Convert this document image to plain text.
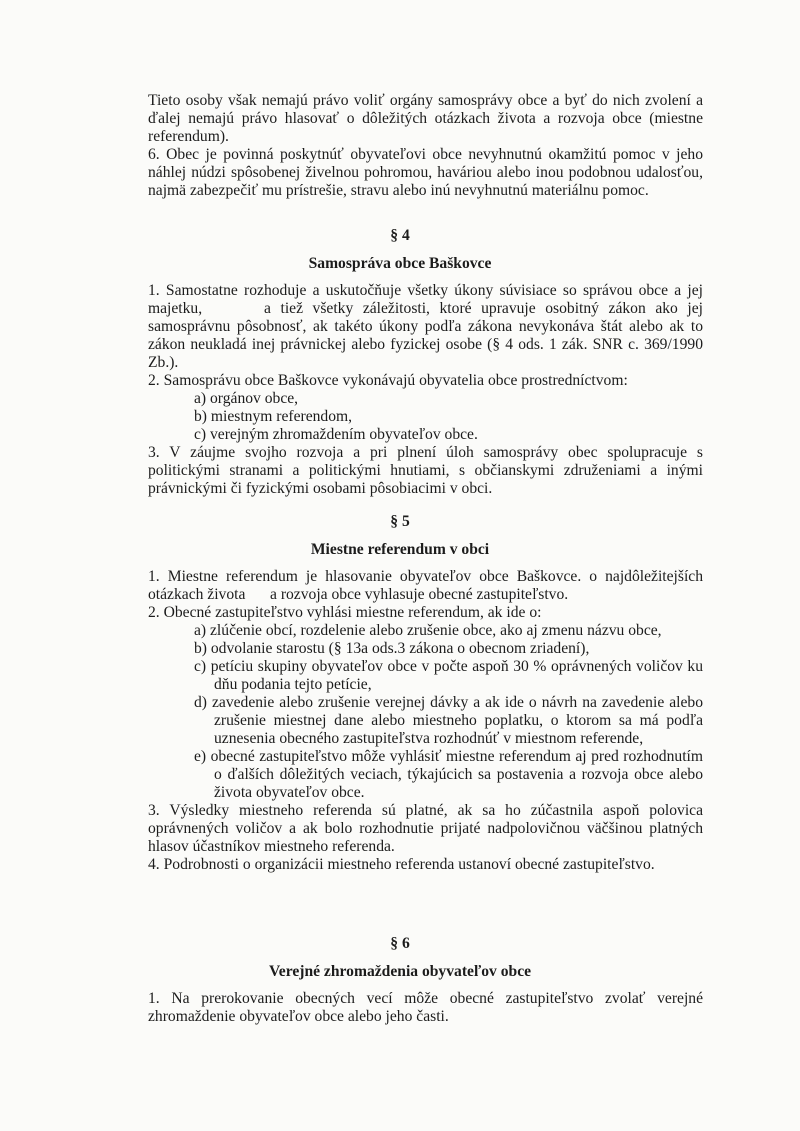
Tieto osoby však nemajú právo voliť orgány samosprávy obce a byť do nich zvolení a
ďalej nemajú právo hlasovať o dôležitých otázkach života a rozvoja obce (miestne
referendum).
6. Obec je povinná poskytnúť obyvateľovi obce nevyhnutnú okamžitú pomoc v jeho
náhlej núdzi spôsobenej živelnou pohromou, haváriou alebo inou podobnou udalosťou,
najmä zabezpečiť mu prístrešie, stravu alebo inú nevyhnutnú materiálnu pomoc.
§ 4
Samospráva obce Baškovce
1. Samostatne rozhoduje a uskutočňuje všetky úkony súvisiace so správou obce a jej
majetku,	a tiež všetky záležitosti, ktoré upravuje osobitný zákon ako jej
samosprávnu pôsobnosť, ak takéto úkony podľa zákona nevykonáva štát alebo ak to
zákon neukladá inej právnickej alebo fyzickej osobe (§ 4 ods. 1 zák. SNR c. 369/1990
Zb.).
2. Samosprávu obce Baškovce vykonávajú obyvatelia obce prostredníctvom:
a) orgánov obce,
b) miestnym referendom,
c) verejným zhromaždením obyvateľov obce.
3. V záujme svojho rozvoja a pri plnení úloh samosprávy obec spolupracuje s
politickými stranami a politickými hnutiami, s občianskymi združeniami a inými
právnickými či fyzickými osobami pôsobiacimi v obci.
§ 5
Miestne referendum v obci
1. Miestne referendum je hlasovanie obyvateľov obce Baškovce. o najdôležitejších
otázkach života a rozvoja obce vyhlasuje obecné zastupiteľstvo.
2. Obecné zastupiteľstvo vyhlási miestne referendum, ak ide o:
a) zlúčenie obcí, rozdelenie alebo zrušenie obce, ako aj zmenu názvu obce,
b) odvolanie starostu (§ 13a ods.3 zákona o obecnom zriadení),
c) petíciu skupiny obyvateľov obce v počte aspoň 30 % oprávnených voličov ku
dňu podania tejto petície,
d) zavedenie alebo zrušenie verejnej dávky a ak ide o návrh na zavedenie alebo
zrušenie miestnej dane alebo miestneho poplatku, o ktorom sa má podľa
uznesenia obecného zastupiteľstva rozhodnúť v miestnom referende,
e) obecné zastupiteľstvo môže vyhlásiť miestne referendum aj pred rozhodnutím
o ďalších dôležitých veciach, týkajúcich sa postavenia a rozvoja obce alebo
života obyvateľov obce.
3. Výsledky miestneho referenda sú platné, ak sa ho zúčastnila aspoň polovica
oprávnených voličov a ak bolo rozhodnutie prijaté nadpolovičnou väčšinou platných
hlasov účastníkov miestneho referenda.
4. Podrobnosti o organizácii miestneho referenda ustanoví obecné zastupiteľstvo.
§ 6
Verejné zhromaždenia obyvateľov obce
1. Na prerokovanie obecných vecí môže obecné zastupiteľstvo zvolať verejné
zhromaždenie obyvateľov obce alebo jeho časti.
